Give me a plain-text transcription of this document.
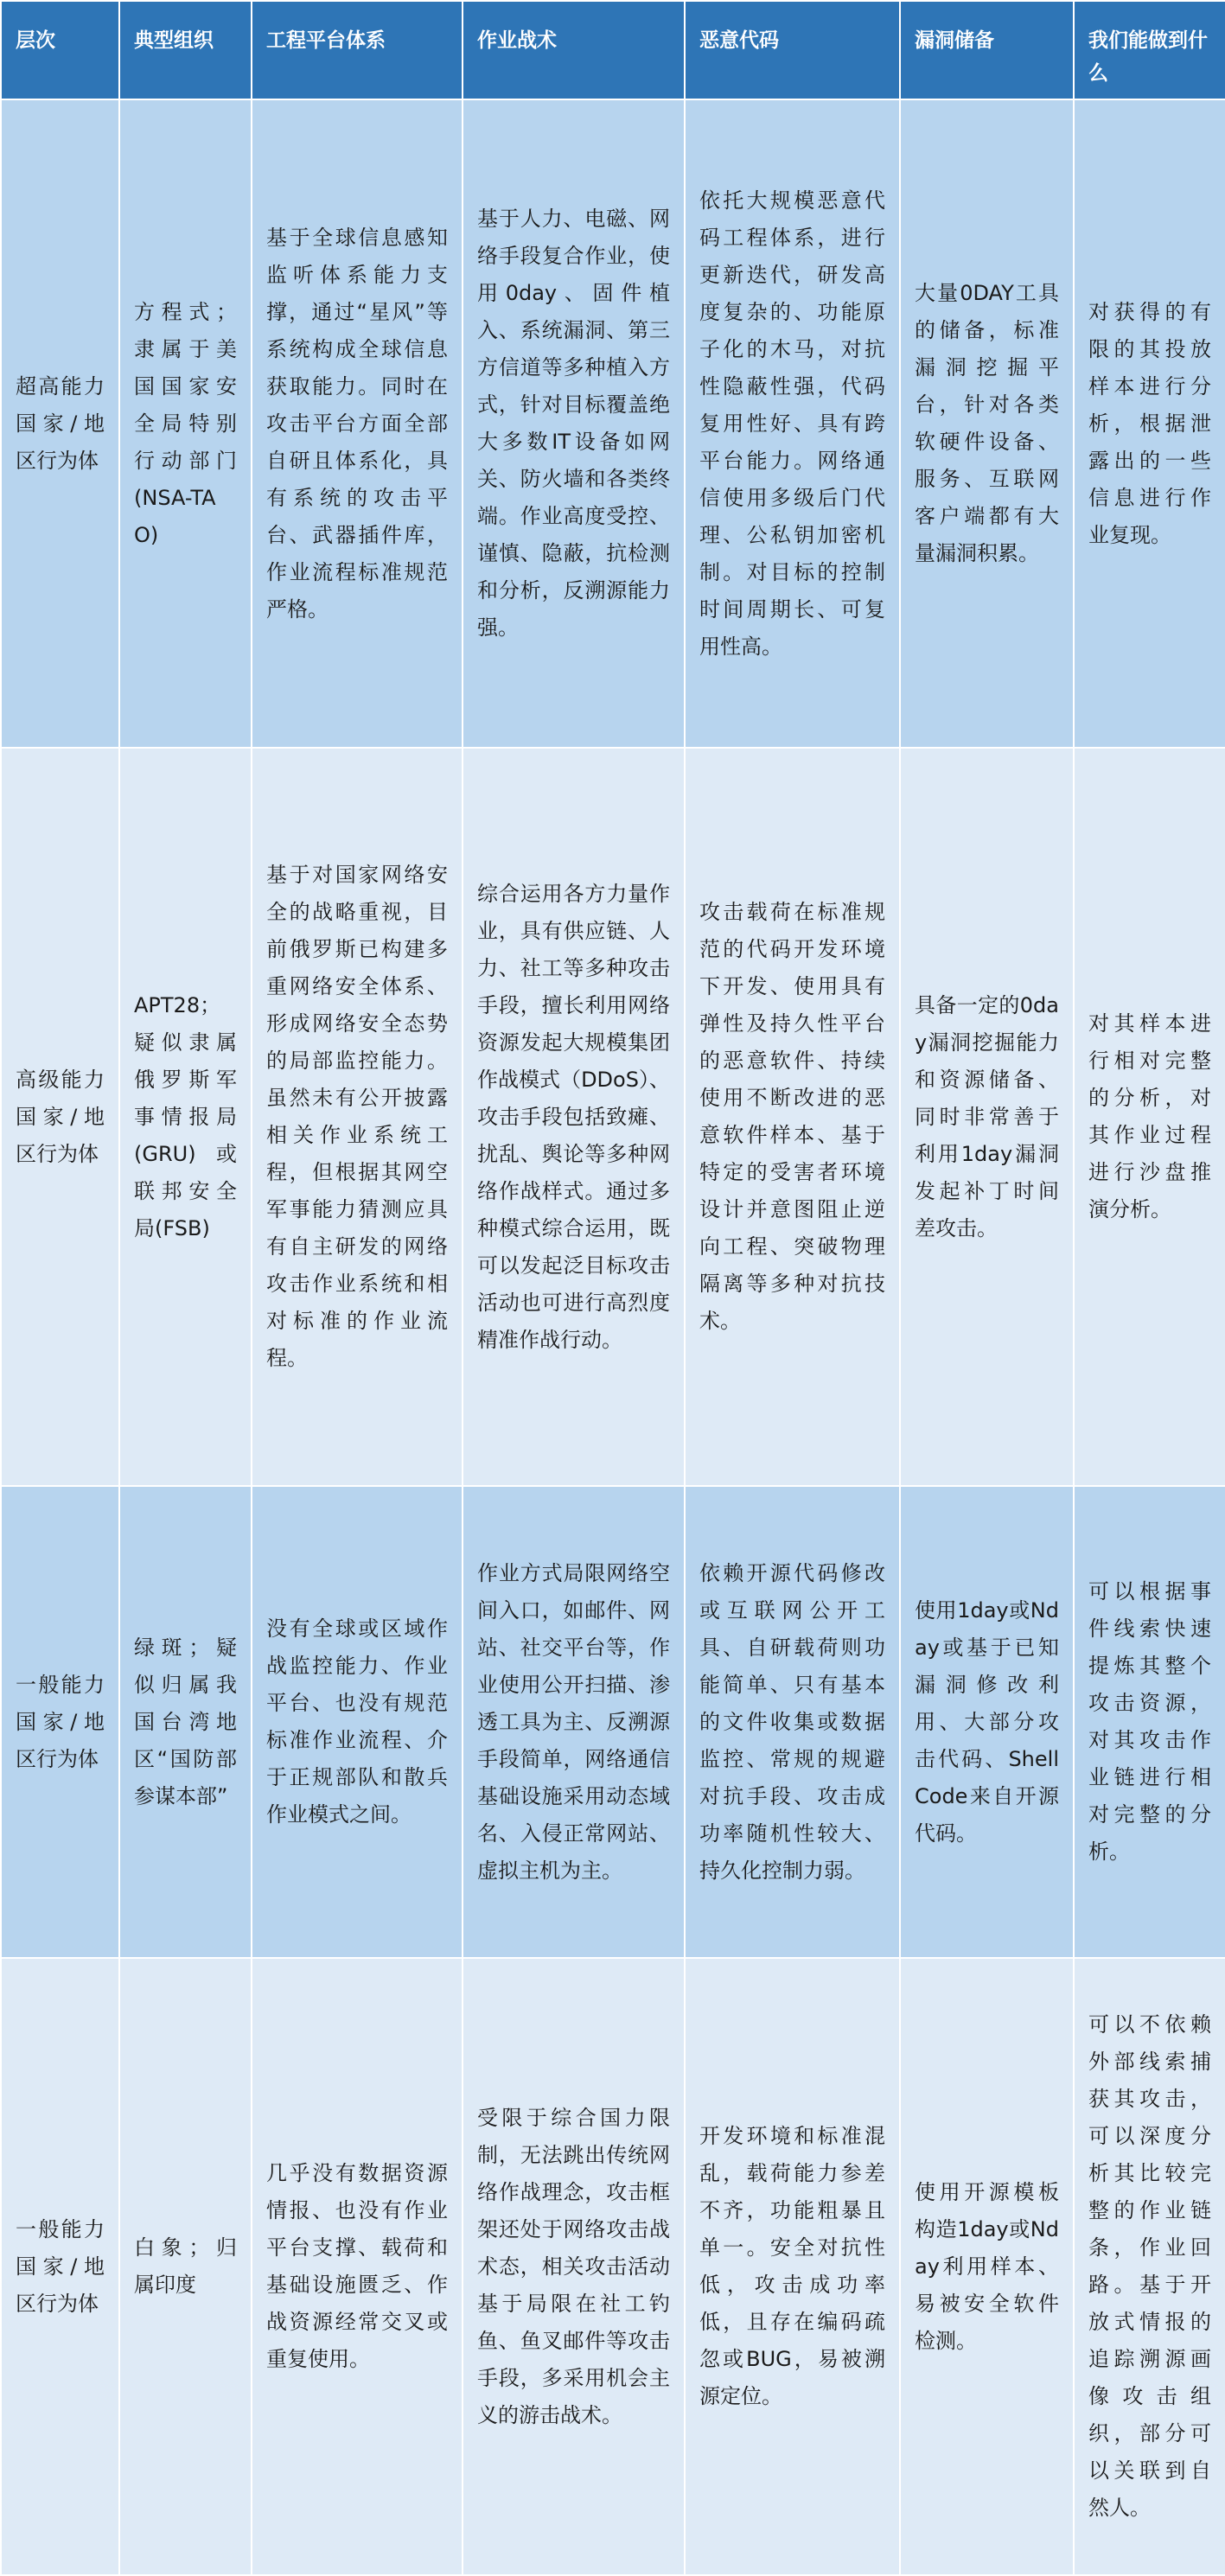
层次	典型组织	工程平台体系	作业战术	恶意代码	漏洞储备	我们能做到什么
超高能力国家/地区行为体	方程式；隶属于美国国家安全局特别行动部门(NSA-TAO)	基于全球信息感知监听体系能力支撑，通过“星风”等系统构成全球信息获取能力。同时在攻击平台方面全部自研且体系化，具有系统的攻击平台、武器插件库，作业流程标准规范严格。	基于人力、电磁、网络手段复合作业，使用0day、固件植入、系统漏洞、第三方信道等多种植入方式，针对目标覆盖绝大多数IT设备如网关、防火墙和各类终端。作业高度受控、谨慎、隐蔽，抗检测和分析，反溯源能力强。	依托大规模恶意代码工程体系，进行更新迭代，研发高度复杂的、功能原子化的木马，对抗性隐蔽性强，代码复用性好、具有跨平台能力。网络通信使用多级后门代理、公私钥加密机制。对目标的控制时间周期长、可复用性高。	大量0DAY工具的储备，标准漏洞挖掘平台，针对各类软硬件设备、服务、互联网客户端都有大量漏洞积累。	对获得的有限的其投放样本进行分析，根据泄露出的一些信息进行作业复现。
高级能力国家/地区行为体	APT28；疑似隶属俄罗斯军事情报局(GRU)或联邦安全局(FSB)	基于对国家网络安全的战略重视，目前俄罗斯已构建多重网络安全体系、形成网络安全态势的局部监控能力。虽然未有公开披露相关作业系统工程，但根据其网空军事能力猜测应具有自主研发的网络攻击作业系统和相对标准的作业流程。	综合运用各方力量作业，具有供应链、人力、社工等多种攻击手段，擅长利用网络资源发起大规模集团作战模式（DDoS）、攻击手段包括致瘫、扰乱、舆论等多种网络作战样式。通过多种模式综合运用，既可以发起泛目标攻击活动也可进行高烈度精准作战行动。	攻击载荷在标准规范的代码开发环境下开发、使用具有弹性及持久性平台的恶意软件、持续使用不断改进的恶意软件样本、基于特定的受害者环境设计并意图阻止逆向工程、突破物理隔离等多种对抗技术。	具备一定的0day漏洞挖掘能力和资源储备、同时非常善于利用1day漏洞发起补丁时间差攻击。	对其样本进行相对完整的分析，对其作业过程进行沙盘推演分析。
一般能力国家/地区行为体	绿斑；疑似归属我国台湾地区“国防部参谋本部”	没有全球或区域作战监控能力、作业平台、也没有规范标准作业流程、介于正规部队和散兵作业模式之间。	作业方式局限网络空间入口，如邮件、网站、社交平台等，作业使用公开扫描、渗透工具为主、反溯源手段简单，网络通信基础设施采用动态域名、入侵正常网站、虚拟主机为主。	依赖开源代码修改或互联网公开工具、自研载荷则功能简单、只有基本的文件收集或数据监控、常规的规避对抗手段、攻击成功率随机性较大、持久化控制力弱。	使用1day或Nday或基于已知漏洞修改利用、大部分攻击代码、ShellCode来自开源代码。	可以根据事件线索快速提炼其整个攻击资源，对其攻击作业链进行相对完整的分析。
一般能力国家/地区行为体	白象；归属印度	几乎没有数据资源情报、也没有作业平台支撑、载荷和基础设施匮乏、作战资源经常交叉或重复使用。	受限于综合国力限制，无法跳出传统网络作战理念，攻击框架还处于网络攻击战术态，相关攻击活动基于局限在社工钓鱼、鱼叉邮件等攻击手段，多采用机会主义的游击战术。	开发环境和标准混乱，载荷能力参差不齐，功能粗暴且单一。安全对抗性低，攻击成功率低，且存在编码疏忽或BUG，易被溯源定位。	使用开源模板构造1day或Nday利用样本、易被安全软件检测。	可以不依赖外部线索捕获其攻击，可以深度分析其比较完整的作业链条，作业回路。基于开放式情报的追踪溯源画像攻击组织，部分可以关联到自然人。
